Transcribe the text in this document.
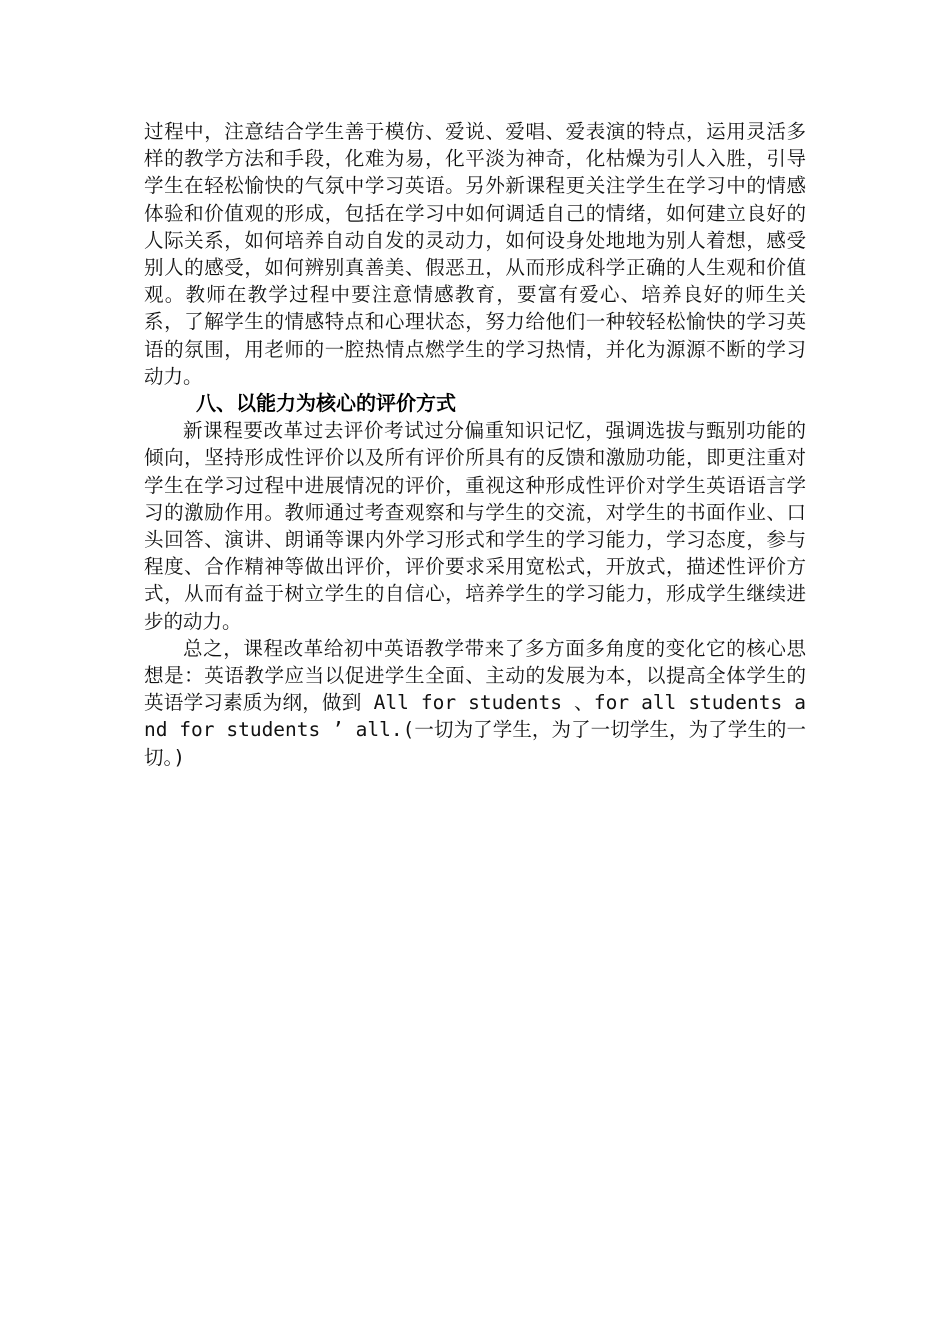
过程中，注意结合学生善于模仿、爱说、爱唱、爱表演的特点，运用灵活多样的教学方法和手段，化难为易，化平淡为神奇，化枯燥为引人入胜，引导学生在轻松愉快的气氛中学习英语。另外新课程更关注学生在学习中的情感体验和价值观的形成，包括在学习中如何调适自己的情绪，如何建立良好的人际关系，如何培养自动自发的灵动力，如何设身处地地为别人着想，感受别人的感受，如何辨别真善美、假恶丑，从而形成科学正确的人生观和价值观。教师在教学过程中要注意情感教育，要富有爱心、培养良好的师生关系，了解学生的情感特点和心理状态，努力给他们一种较轻松愉快的学习英语的氛围，用老师的一腔热情点燃学生的学习热情，并化为源源不断的学习动力。

八、以能力为核心的评价方式

新课程要改革过去评价考试过分偏重知识记忆，强调选拔与甄别功能的倾向，坚持形成性评价以及所有评价所具有的反馈和激励功能，即更注重对学生在学习过程中进展情况的评价，重视这种形成性评价对学生英语语言学习的激励作用。教师通过考查观察和与学生的交流，对学生的书面作业、口头回答、演讲、朗诵等课内外学习形式和学生的学习能力，学习态度，参与程度、合作精神等做出评价，评价要求采用宽松式，开放式，描述性评价方式，从而有益于树立学生的自信心，培养学生的学习能力，形成学生继续进步的动力。

总之，课程改革给初中英语教学带来了多方面多角度的变化它的核心思想是：英语教学应当以促进学生全面、主动的发展为本，以提高全体学生的英语学习素质为纲，做到 All for students 、for all students and for students ’ all.(一切为了学生，为了一切学生，为了学生的一切。)
